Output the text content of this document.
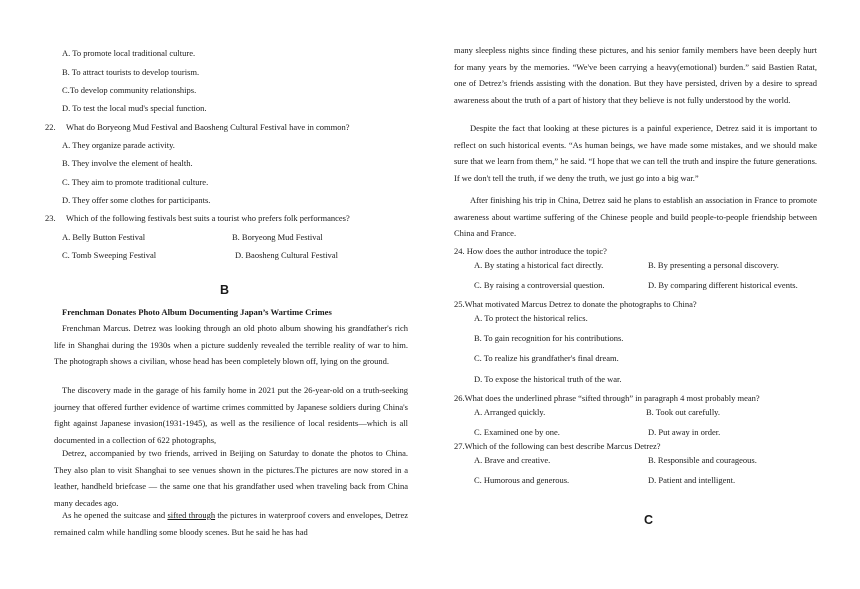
A. To promote local traditional culture.
B. To attract tourists to develop tourism.
C.To develop community relationships.
D. To test the local mud's special function.
22. What do Boryeong Mud Festival and Baosheng Cultural Festival have in common?
A. They organize parade activity.
B. They involve the element of health.
C. They aim to promote traditional culture.
D. They offer some clothes for participants.
23. Which of the following festivals best suits a tourist who prefers folk performances?
A. Belly Button Festival	B. Boryeong Mud Festival
C. Tomb Sweeping Festival	D. Baosheng Cultural Festival
B
Frenchman Donates Photo Album Documenting Japan’s Wartime Crimes
Frenchman Marcus. Detrez was looking through an old photo album showing his grandfather's rich life in Shanghai during the 1930s when a picture suddenly revealed the terrible reality of war to him. The photograph shows a civilian, whose head has been completely blown off, lying on the ground.
The discovery made in the garage of his family home in 2021 put the 26-year-old on a truth-seeking journey that offered further evidence of wartime crimes committed by Japanese soldiers during China's fight against Japanese invasion(1931-1945), as well as the resilience of local residents—which is all documented in a collection of 622 photographs,
Detrez, accompanied by two friends, arrived in Beijing on Saturday to donate the photos to China. They also plan to visit Shanghai to see venues shown in the pictures.The pictures are now stored in a leather, handheld briefcase — the same one that his grandfather used when traveling back from China many decades ago.
As he opened the suitcase and sifted through the pictures in waterproof covers and envelopes, Detrez remained calm while handling some bloody scenes. But he said he has had
many sleepless nights since finding these pictures, and his senior family members have been deeply hurt for many years by the memories. “We've been carrying a heavy(emotional) burden.” said Bastien Ratat, one of Detrez’s friends assisting with the donation. But they have persisted, driven by a desire to spread awareness about the truth of a part of history that they believe is not fully understood by the world.
Despite the fact that looking at these pictures is a painful experience, Detrez said it is important to reflect on such historical events. “As human beings, we have made some mistakes, and we should make sure that we learn from them,” he said. “I hope that we can tell the truth and inspire the future generations. If we don't tell the truth, if we deny the truth, we just go into a big war.”
After finishing his trip in China, Detrez said he plans to establish an association in France to promote awareness about wartime suffering of the Chinese people and build people-to-people friendship between China and France.
24. How does the author introduce the topic?
A. By stating a historical fact directly.	B. By presenting a personal discovery.
C. By raising a controversial question.	D. By comparing different historical events.
25.What motivated Marcus Detrez to donate the photographs to China?
A. To protect the historical relics.
B. To gain recognition for his contributions.
C. To realize his grandfather's final dream.
D. To expose the historical truth of the war.
26.What does the underlined phrase “sifted through” in paragraph 4 most probably mean?
A. Arranged quickly.	B. Took out carefully.
C. Examined one by one.	D. Put away in order.
27.Which of the following can best describe Marcus Detrez?
A. Brave and creative.	B. Responsible and courageous.
C. Humorous and generous.	D. Patient and intelligent.
C
